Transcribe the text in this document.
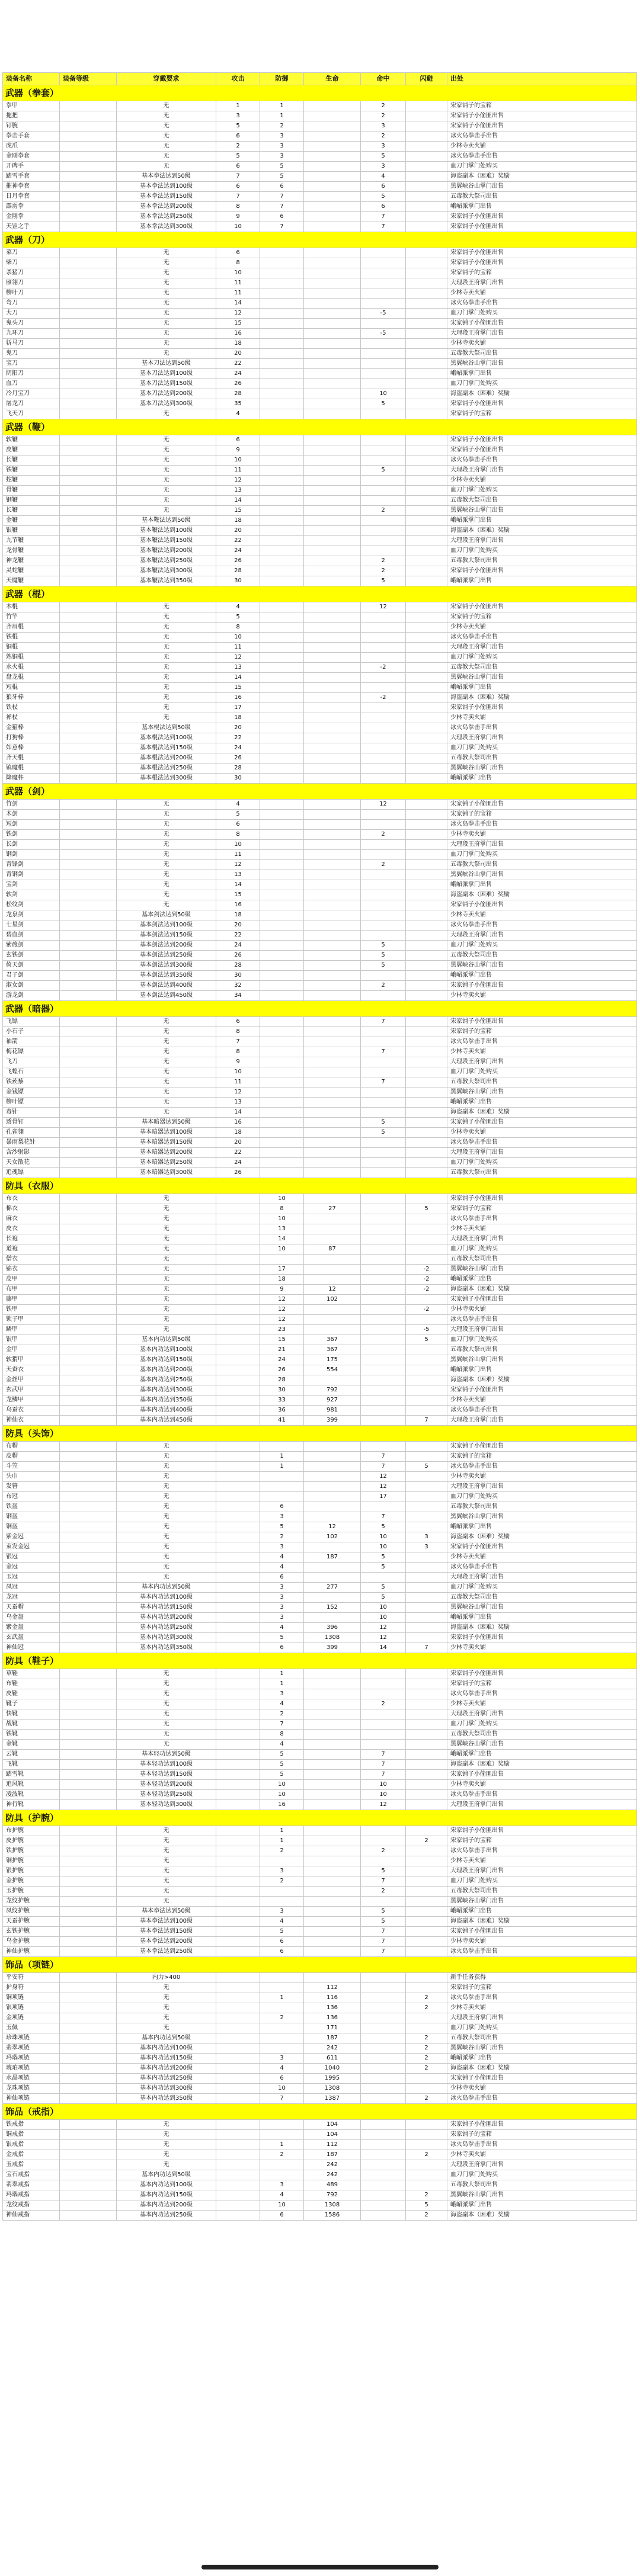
装备名称	装备等级	穿戴要求	攻击	防御	生命	命中	闪避	出处
武器（拳套）								
拳甲		无	1	1		2		宋家铺子的宝箱
拖把		无	3	1		2		宋家铺子小偷匪出售
钉腕		无	5	2		3		宋家铺子小偷匪出售
拳击手套		无	6	3		2		冰火岛拳击手出售
虎爪		无	2	3		3		少林寺卖火铺
金刚拳套		无	5	3		5		冰火岛拳击手出售
开碑手		无	6	5		3		血刀门掌门处购买
踏雪手套		基本拳法达到50级	7	5		4		海盗副本（困难）奖励
摧神拳套		基本拳法达到100级	6	6		6		黑翼峡谷山掌门出售
日月拳套		基本拳法达到150级	7	7		5		五毒教大祭司出售
霹雳拳		基本拳法达到200级	8	7		6		峨嵋派掌门出售
金刚拳		基本拳法达到250级	9	6		7		宋家铺子小偷匪出售
天罡之手		基本拳法达到300级	10	7		7		宋家铺子小偷匪出售
武器（刀）								
菜刀		无	6					宋家铺子小偷匪出售
柴刀		无	8					宋家铺子小偷匪出售
杀猪刀		无	10					宋家铺子的宝箱
雁翎刀		无	11					大理段王府掌门出售
柳叶刀		无	11					少林寺卖火铺
弯刀		无	14					冰火岛拳击手出售
大刀		无	12			-5		血刀门掌门处购买
鬼头刀		无	15					宋家铺子小偷匪出售
九环刀		无	16			-5		大理段王府掌门出售
斩马刀		无	18					少林寺卖火铺
鬼刀		无	20					五毒教大祭司出售
宝刀		基本刀法达到50级	22					黑翼峡谷山掌门出售
阴阳刀		基本刀法达到100级	24					峨嵋派掌门出售
血刀		基本刀法达到150级	26					血刀门掌门处购买
冷月宝刀		基本刀法达到200级	28			10		海盗副本（困难）奖励
屠龙刀		基本刀法达到300级	35			5		宋家铺子小偷匪出售
飞天刀		无	4					宋家铺子的宝箱
武器（鞭）								
软鞭		无	6					宋家铺子小偷匪出售
皮鞭		无	9					宋家铺子小偷匪出售
长鞭		无	10					冰火岛拳击手出售
铁鞭		无	11			5		大理段王府掌门出售
蛇鞭		无	12					少林寺卖火铺
骨鞭		无	13					血刀门掌门处购买
钢鞭		无	14					五毒教大祭司出售
长鞭		无	15			2		黑翼峡谷山掌门出售
金鞭		基本鞭法达到50级	18					峨嵋派掌门出售
银鞭		基本鞭法达到100级	20					海盗副本（困难）奖励
九节鞭		基本鞭法达到150级	22					大理段王府掌门出售
龙骨鞭		基本鞭法达到200级	24					血刀门掌门处购买
神龙鞭		基本鞭法达到250级	26			2		五毒教大祭司出售
灵蛇鞭		基本鞭法达到300级	28			2		宋家铺子小偷匪出售
天魔鞭		基本鞭法达到350级	30			5		峨嵋派掌门出售
武器（棍）								
木棍		无	4			12		宋家铺子小偷匪出售
竹竿		无	5					宋家铺子的宝箱
齐眉棍		无	8					少林寺卖火铺
铁棍		无	10					冰火岛拳击手出售
铜棍		无	11					大理段王府掌门出售
熟铜棍		无	12					血刀门掌门处购买
水火棍		无	13			-2		五毒教大祭司出售
盘龙棍		无	14					黑翼峡谷山掌门出售
短棍		无	15					峨嵋派掌门出售
狼牙棒		无	16			-2		海盗副本（困难）奖励
铁杖		无	17					宋家铺子小偷匪出售
禅杖		无	18					少林寺卖火铺
金箍棒		基本棍法达到50级	20					冰火岛拳击手出售
打狗棒		基本棍法达到100级	22					大理段王府掌门出售
如意棒		基本棍法达到150级	24					血刀门掌门处购买
齐天棍		基本棍法达到200级	26					五毒教大祭司出售
镇魔棍		基本棍法达到250级	28					黑翼峡谷山掌门出售
降魔杵		基本棍法达到300级	30					峨嵋派掌门出售
武器（剑）								
竹剑		无	4			12		宋家铺子小偷匪出售
木剑		无	5					宋家铺子的宝箱
短剑		无	6					冰火岛拳击手出售
铁剑		无	8			2		少林寺卖火铺
长剑		无	10					大理段王府掌门出售
钢剑		无	11					血刀门掌门处购买
青锋剑		无	12			2		五毒教大祭司出售
青钢剑		无	13					黑翼峡谷山掌门出售
宝剑		无	14					峨嵋派掌门出售
软剑		无	15					海盗副本（困难）奖励
松纹剑		无	16					宋家铺子小偷匪出售
龙泉剑		基本剑法达到50级	18					少林寺卖火铺
七星剑		基本剑法达到100级	20					冰火岛拳击手出售
碧血剑		基本剑法达到150级	22					大理段王府掌门出售
紫薇剑		基本剑法达到200级	24			5		血刀门掌门处购买
玄铁剑		基本剑法达到250级	26			5		五毒教大祭司出售
倚天剑		基本剑法达到300级	28			5		黑翼峡谷山掌门出售
君子剑		基本剑法达到350级	30					峨嵋派掌门出售
淑女剑		基本剑法达到400级	32			2		宋家铺子小偷匪出售
游龙剑		基本剑法达到450级	34					少林寺卖火铺
武器（暗器）								
飞镖		无	6			7		宋家铺子小偷匪出售
小石子		无	8					宋家铺子的宝箱
袖箭		无	7					冰火岛拳击手出售
梅花镖		无	8			7		少林寺卖火铺
飞刀		无	9					大理段王府掌门出售
飞蝗石		无	10					血刀门掌门处购买
铁蒺藜		无	11			7		五毒教大祭司出售
金钱镖		无	12					黑翼峡谷山掌门出售
柳叶镖		无	13					峨嵋派掌门出售
毒针		无	14					海盗副本（困难）奖励
透骨钉		基本暗器达到50级	16			5		宋家铺子小偷匪出售
孔雀翎		基本暗器达到100级	18			5		少林寺卖火铺
暴雨梨花针		基本暗器达到150级	20					冰火岛拳击手出售
含沙射影		基本暗器达到200级	22					大理段王府掌门出售
天女散花		基本暗器达到250级	24					血刀门掌门处购买
追魂镖		基本暗器达到300级	26					五毒教大祭司出售
防具（衣服）								
布衣		无		10				宋家铺子小偷匪出售
棉衣		无		8	27		5	宋家铺子的宝箱
麻衣		无		10				冰火岛拳击手出售
皮衣		无		13				少林寺卖火铺
长袍		无		14				大理段王府掌门出售
道袍		无		10	87			血刀门掌门处购买
僧衣		无						五毒教大祭司出售
锦衣		无		17			-2	黑翼峡谷山掌门出售
皮甲		无		18			-2	峨嵋派掌门出售
布甲		无		9	12		-2	海盗副本（困难）奖励
藤甲		无		12	102			宋家铺子小偷匪出售
铁甲		无		12			-2	少林寺卖火铺
锁子甲		无		12				冰火岛拳击手出售
鳞甲		无		23			-5	大理段王府掌门出售
银甲		基本内功达到50级		15	367		5	血刀门掌门处购买
金甲		基本内功达到100级		21	367			五毒教大祭司出售
软猬甲		基本内功达到150级		24	175			黑翼峡谷山掌门出售
天蚕衣		基本内功达到200级		26	554			峨嵋派掌门出售
金丝甲		基本内功达到250级		28				海盗副本（困难）奖励
玄武甲		基本内功达到300级		30	792			宋家铺子小偷匪出售
龙鳞甲		基本内功达到350级		33	927			少林寺卖火铺
乌蚕衣		基本内功达到400级		36	981			冰火岛拳击手出售
神仙衣		基本内功达到450级		41	399		7	大理段王府掌门出售
防具（头饰）								
布帽		无						宋家铺子小偷匪出售
皮帽		无		1		7		宋家铺子的宝箱
斗笠		无		1		7	5	冰火岛拳击手出售
头巾		无				12		少林寺卖火铺
发簪		无				12		大理段王府掌门出售
布冠		无				17		血刀门掌门处购买
铁盔		无		6				五毒教大祭司出售
钢盔		无		3		7		黑翼峡谷山掌门出售
铜盔		无		5	12	5		峨嵋派掌门出售
紫金冠		无		2	102	10	3	海盗副本（困难）奖励
束发金冠		无		3		10	3	宋家铺子小偷匪出售
银冠		无		4	187	5		少林寺卖火铺
金冠		无		4		5		冰火岛拳击手出售
玉冠		无		6				大理段王府掌门出售
凤冠		基本内功达到50级		3	277	5		血刀门掌门处购买
龙冠		基本内功达到100级		3		5		五毒教大祭司出售
天蚕帽		基本内功达到150级		3	152	10		黑翼峡谷山掌门出售
乌金盔		基本内功达到200级		3		10		峨嵋派掌门出售
紫金盔		基本内功达到250级		4	396	12		海盗副本（困难）奖励
玄武盔		基本内功达到300级		5	1308	12		宋家铺子小偷匪出售
神仙冠		基本内功达到350级		6	399	14	7	少林寺卖火铺
防具（鞋子）								
草鞋		无		1				宋家铺子小偷匪出售
布鞋		无		1				宋家铺子的宝箱
皮鞋		无		3				冰火岛拳击手出售
靴子		无		4		2		少林寺卖火铺
快靴		无		2				大理段王府掌门出售
战靴		无		7				血刀门掌门处购买
铁靴		无		8				五毒教大祭司出售
金靴		无		4				黑翼峡谷山掌门出售
云靴		基本轻功达到50级		5		7		峨嵋派掌门出售
飞靴		基本轻功达到100级		5		7		海盗副本（困难）奖励
踏雪靴		基本轻功达到150级		5		7		宋家铺子小偷匪出售
追风靴		基本轻功达到200级		10		10		少林寺卖火铺
凌波靴		基本轻功达到250级		10		10		冰火岛拳击手出售
神行靴		基本轻功达到300级		16		12		大理段王府掌门出售
防具（护腕）								
布护腕		无		1				宋家铺子小偷匪出售
皮护腕		无		1			2	宋家铺子的宝箱
铁护腕		无		2		2		冰火岛拳击手出售
铜护腕		无						少林寺卖火铺
银护腕		无		3		5		大理段王府掌门出售
金护腕		无		2		7		血刀门掌门处购买
玉护腕		无				2		五毒教大祭司出售
龙纹护腕		无						黑翼峡谷山掌门出售
凤纹护腕		基本拳法达到50级		3		5		峨嵋派掌门出售
天蚕护腕		基本拳法达到100级		4		5		海盗副本（困难）奖励
玄铁护腕		基本拳法达到150级		5		7		宋家铺子小偷匪出售
乌金护腕		基本拳法达到200级		6		7		少林寺卖火铺
神仙护腕		基本拳法达到250级		6		7		冰火岛拳击手出售
饰品（项链）								
平安符		内力>400						新手任务获得
护身符		无			112			宋家铺子的宝箱
铜项链		无		1	116		2	冰火岛拳击手出售
银项链		无			136		2	少林寺卖火铺
金项链		无		2	136			大理段王府掌门出售
玉佩		无			171			血刀门掌门处购买
珍珠项链		基本内功达到50级			187		2	五毒教大祭司出售
翡翠项链		基本内功达到100级			242		2	黑翼峡谷山掌门出售
玛瑙项链		基本内功达到150级		3	611		2	峨嵋派掌门出售
琥珀项链		基本内功达到200级		4	1040		2	海盗副本（困难）奖励
水晶项链		基本内功达到250级		6	1995			宋家铺子小偷匪出售
龙珠项链		基本内功达到300级		10	1308			少林寺卖火铺
神仙项链		基本内功达到350级		7	1387		2	冰火岛拳击手出售
饰品（戒指）								
铁戒指		无			104			宋家铺子小偷匪出售
铜戒指		无			104			宋家铺子的宝箱
银戒指		无		1	112			冰火岛拳击手出售
金戒指		无		2	187		2	少林寺卖火铺
玉戒指		无			242			大理段王府掌门出售
宝石戒指		基本内功达到50级			242			血刀门掌门处购买
翡翠戒指		基本内功达到100级		3	489			五毒教大祭司出售
玛瑙戒指		基本内功达到150级		4	792		2	黑翼峡谷山掌门出售
龙纹戒指		基本内功达到200级		10	1308		5	峨嵋派掌门出售
神仙戒指		基本内功达到250级		6	1586		2	海盗副本（困难）奖励
